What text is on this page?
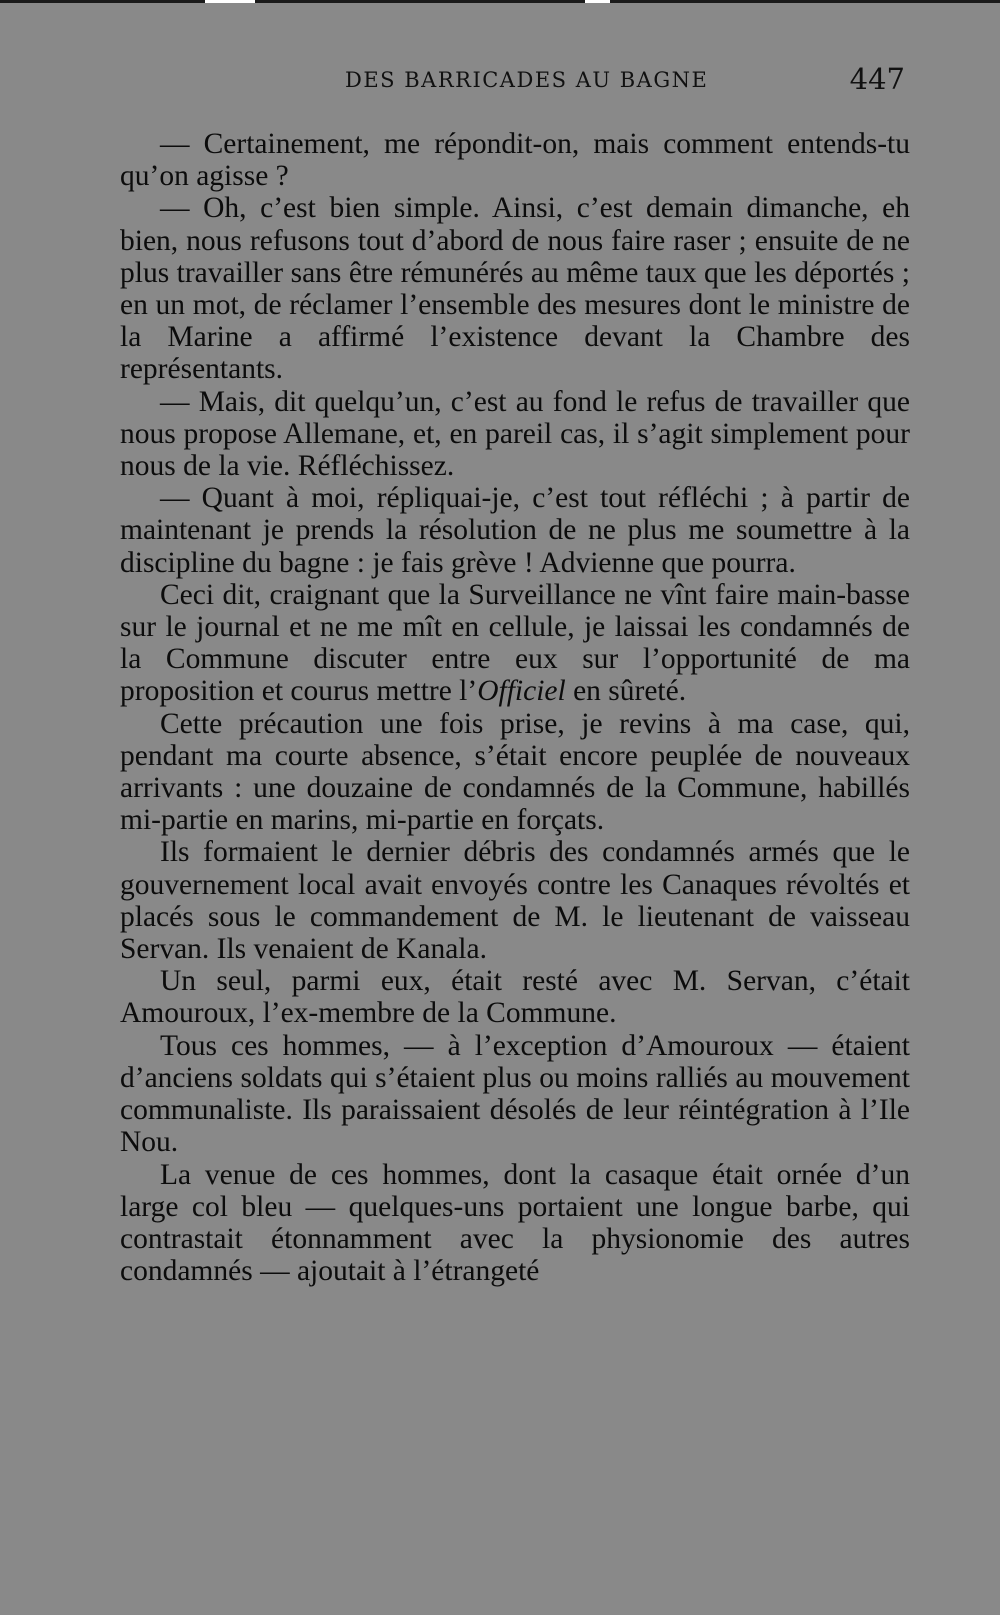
DES BARRICADES AU BAGNE	447

— Certainement, me répondit-on, mais comment entends-tu qu’on agisse ?

— Oh, c’est bien simple. Ainsi, c’est demain dimanche, eh bien, nous refusons tout d’abord de nous faire raser ; ensuite de ne plus travailler sans être rémunérés au même taux que les déportés ; en un mot, de réclamer l’ensemble des mesures dont le ministre de la Marine a affirmé l’existence devant la Chambre des représentants.

— Mais, dit quelqu’un, c’est au fond le refus de travailler que nous propose Allemane, et, en pareil cas, il s’agit simplement pour nous de la vie. Réfléchissez.

— Quant à moi, répliquai-je, c’est tout réfléchi ; à partir de maintenant je prends la résolution de ne plus me soumettre à la discipline du bagne : je fais grève ! Advienne que pourra.

Ceci dit, craignant que la Surveillance ne vînt faire main-basse sur le journal et ne me mît en cellule, je laissai les condamnés de la Commune discuter entre eux sur l’opportunité de ma proposition et courus mettre l’Officiel en sûreté.

Cette précaution une fois prise, je revins à ma case, qui, pendant ma courte absence, s’était encore peuplée de nouveaux arrivants : une douzaine de condamnés de la Commune, habillés mi-partie en marins, mi-partie en forçats.

Ils formaient le dernier débris des condamnés armés que le gouvernement local avait envoyés contre les Canaques révoltés et placés sous le commandement de M. le lieutenant de vaisseau Servan. Ils venaient de Kanala.

Un seul, parmi eux, était resté avec M. Servan, c’était Amouroux, l’ex-membre de la Commune.

Tous ces hommes, — à l’exception d’Amouroux — étaient d’anciens soldats qui s’étaient plus ou moins ralliés au mouvement communaliste. Ils paraissaient désolés de leur réintégration à l’Ile Nou.

La venue de ces hommes, dont la casaque était ornée d’un large col bleu — quelques-uns portaient une longue barbe, qui contrastait étonnamment avec la physionomie des autres condamnés — ajoutait à l’étrangeté
